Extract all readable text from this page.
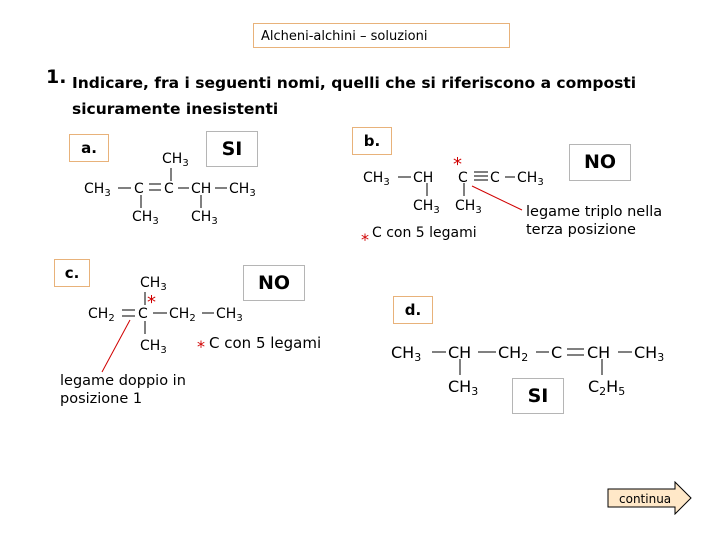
Alcheni-alchini – soluzioni
1. Indicare, fra i seguenti nomi, quelli che si riferiscono a composti sicuramente inesistenti
a.	b.
c.
d.
SI
NO
NO
SI
$CH_3$ C C CH $CH_3$
$CH_3$
$CH_3$ $CH_3$
$CH_3$ CH C C $CH_3$
$CH_3$ $CH_3$
$CH_2$ C $CH_2$ $CH_3$
$CH_3$
$CH_3$	CH3 CH CH2 C CH CH3
CH3	C2H5
*
*
*
*
legame triplo nella terza posizione
C con 5 legami
C con 5 legami
legame doppio in posizione 1
continua
